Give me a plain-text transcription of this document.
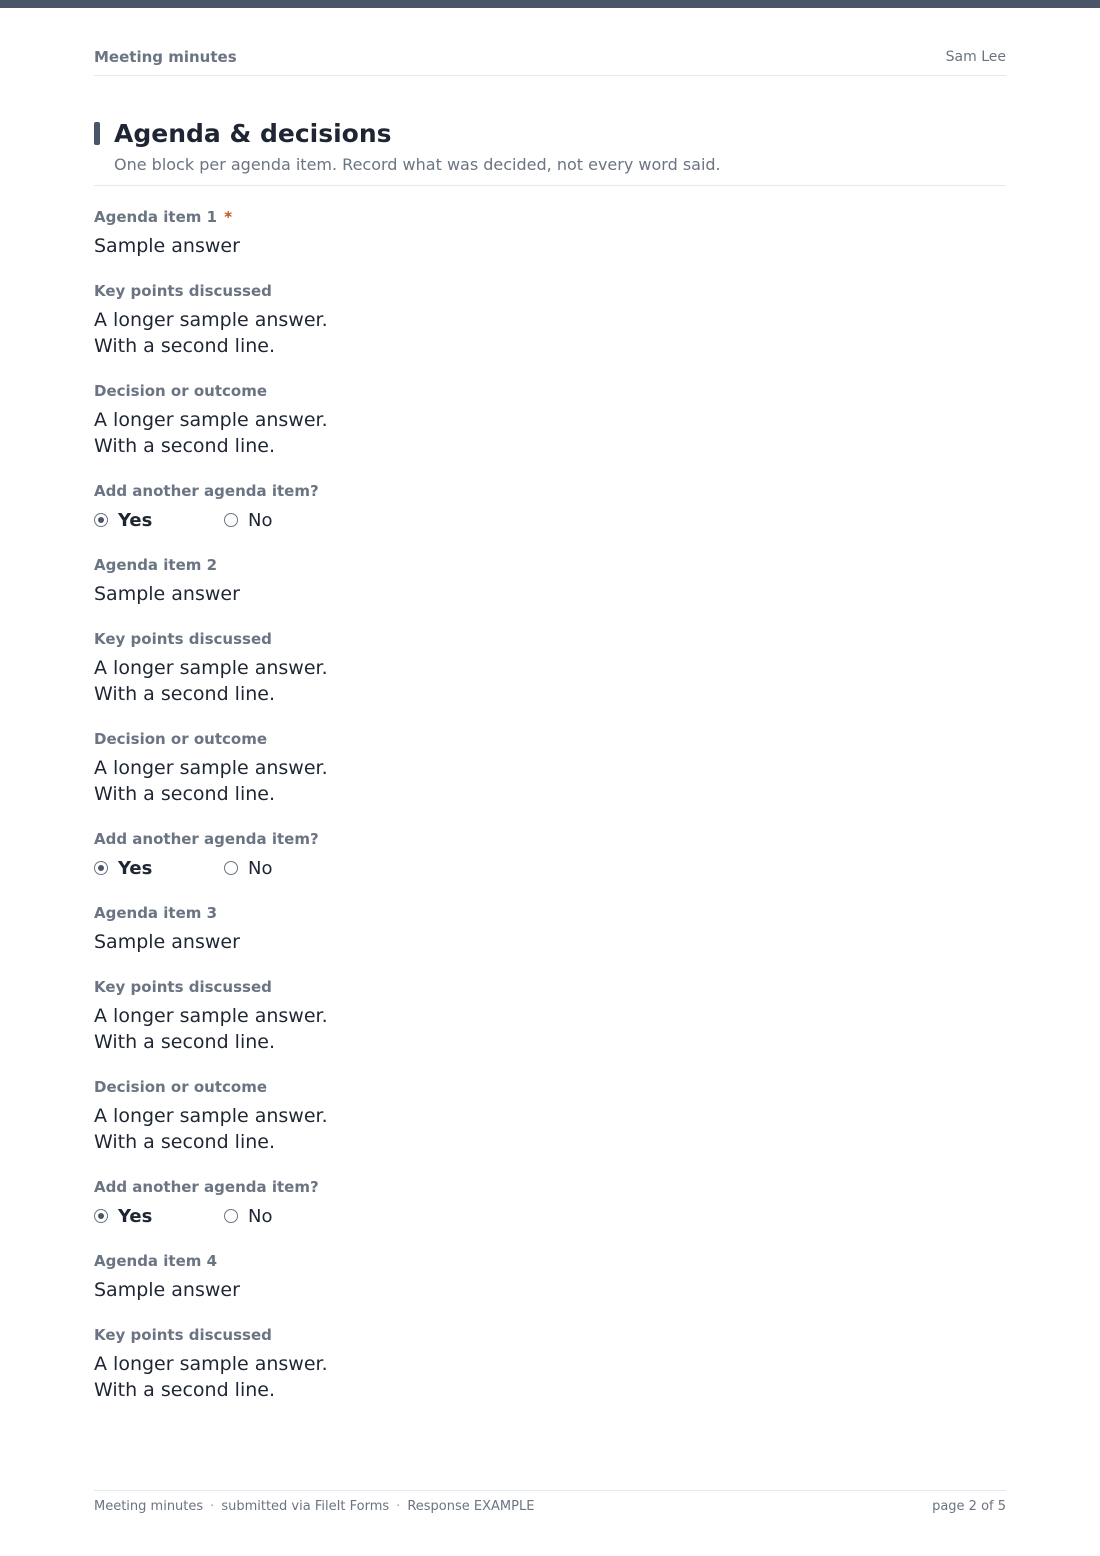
Meeting minutes	Sam Lee
Agenda & decisions
One block per agenda item. Record what was decided, not every word said.
Agenda item 1 *
Sample answer
Key points discussed
A longer sample answer.
With a second line.
Decision or outcome
A longer sample answer.
With a second line.
Add another agenda item?
Yes	No
Agenda item 2
Sample answer
Key points discussed
A longer sample answer.
With a second line.
Decision or outcome
A longer sample answer.
With a second line.
Add another agenda item?
Yes	No
Agenda item 3
Sample answer
Key points discussed
A longer sample answer.
With a second line.
Decision or outcome
A longer sample answer.
With a second line.
Add another agenda item?
Yes	No
Agenda item 4
Sample answer
Key points discussed
A longer sample answer.
With a second line.
Meeting minutes · submitted via FileIt Forms · Response EXAMPLE	page 2 of 5
